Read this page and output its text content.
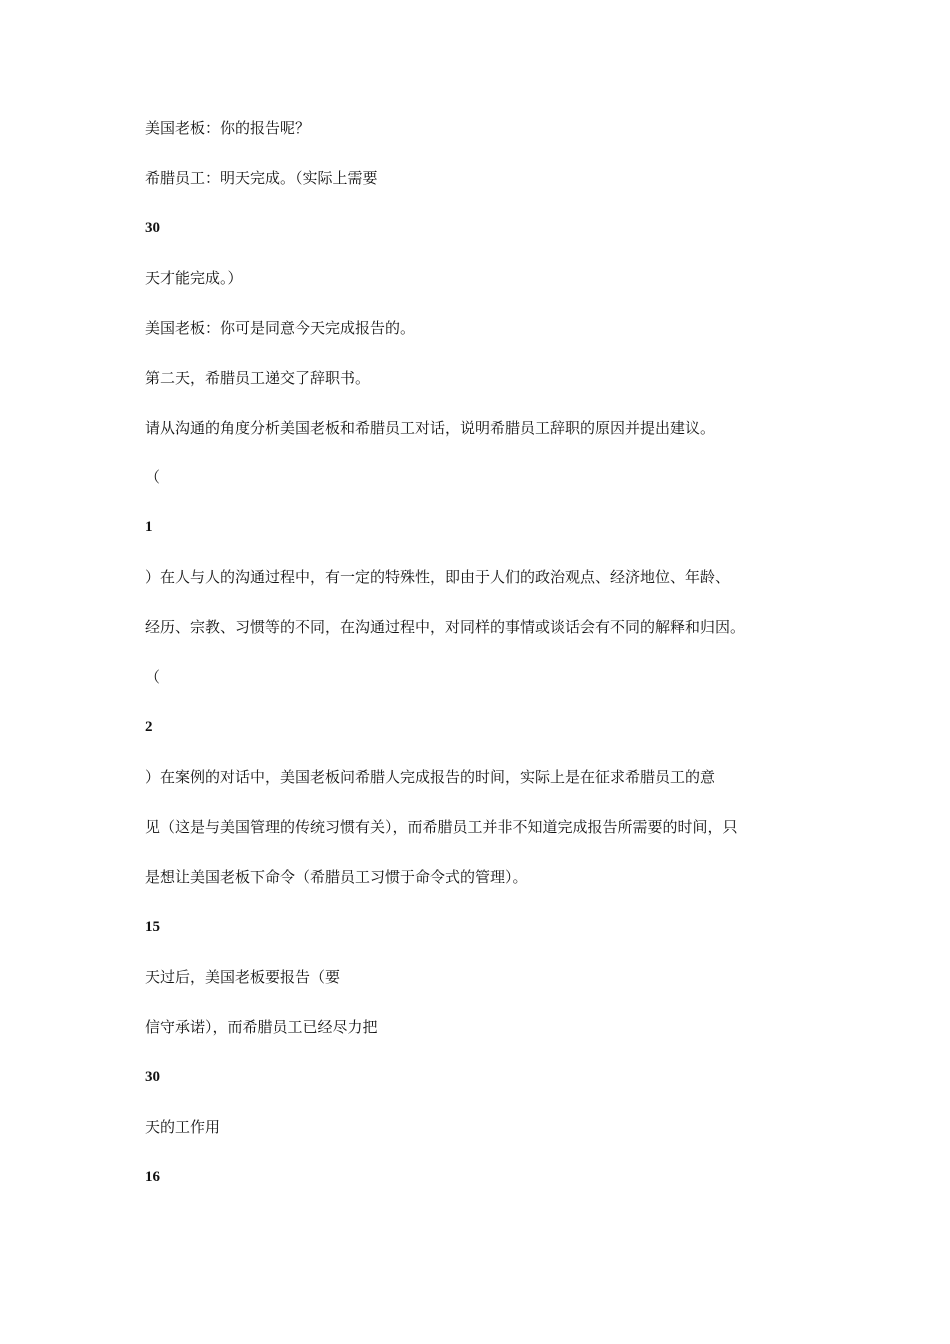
美国老板：你的报告呢？

希腊员工：明天完成。（实际上需要

30

天才能完成。）

美国老板：你可是同意今天完成报告的。

第二天，希腊员工递交了辞职书。

请从沟通的角度分析美国老板和希腊员工对话，说明希腊员工辞职的原因并提出建议。

（

1

）在人与人的沟通过程中，有一定的特殊性，即由于人们的政治观点、经济地位、年龄、

经历、宗教、习惯等的不同，在沟通过程中，对同样的事情或谈话会有不同的解释和归因。

（

2

）在案例的对话中，美国老板问希腊人完成报告的时间，实际上是在征求希腊员工的意

见（这是与美国管理的传统习惯有关），而希腊员工并非不知道完成报告所需要的时间，只

是想让美国老板下命令（希腊员工习惯于命令式的管理）。

15

天过后，美国老板要报告（要

信守承诺），而希腊员工已经尽力把

30

天的工作用

16
